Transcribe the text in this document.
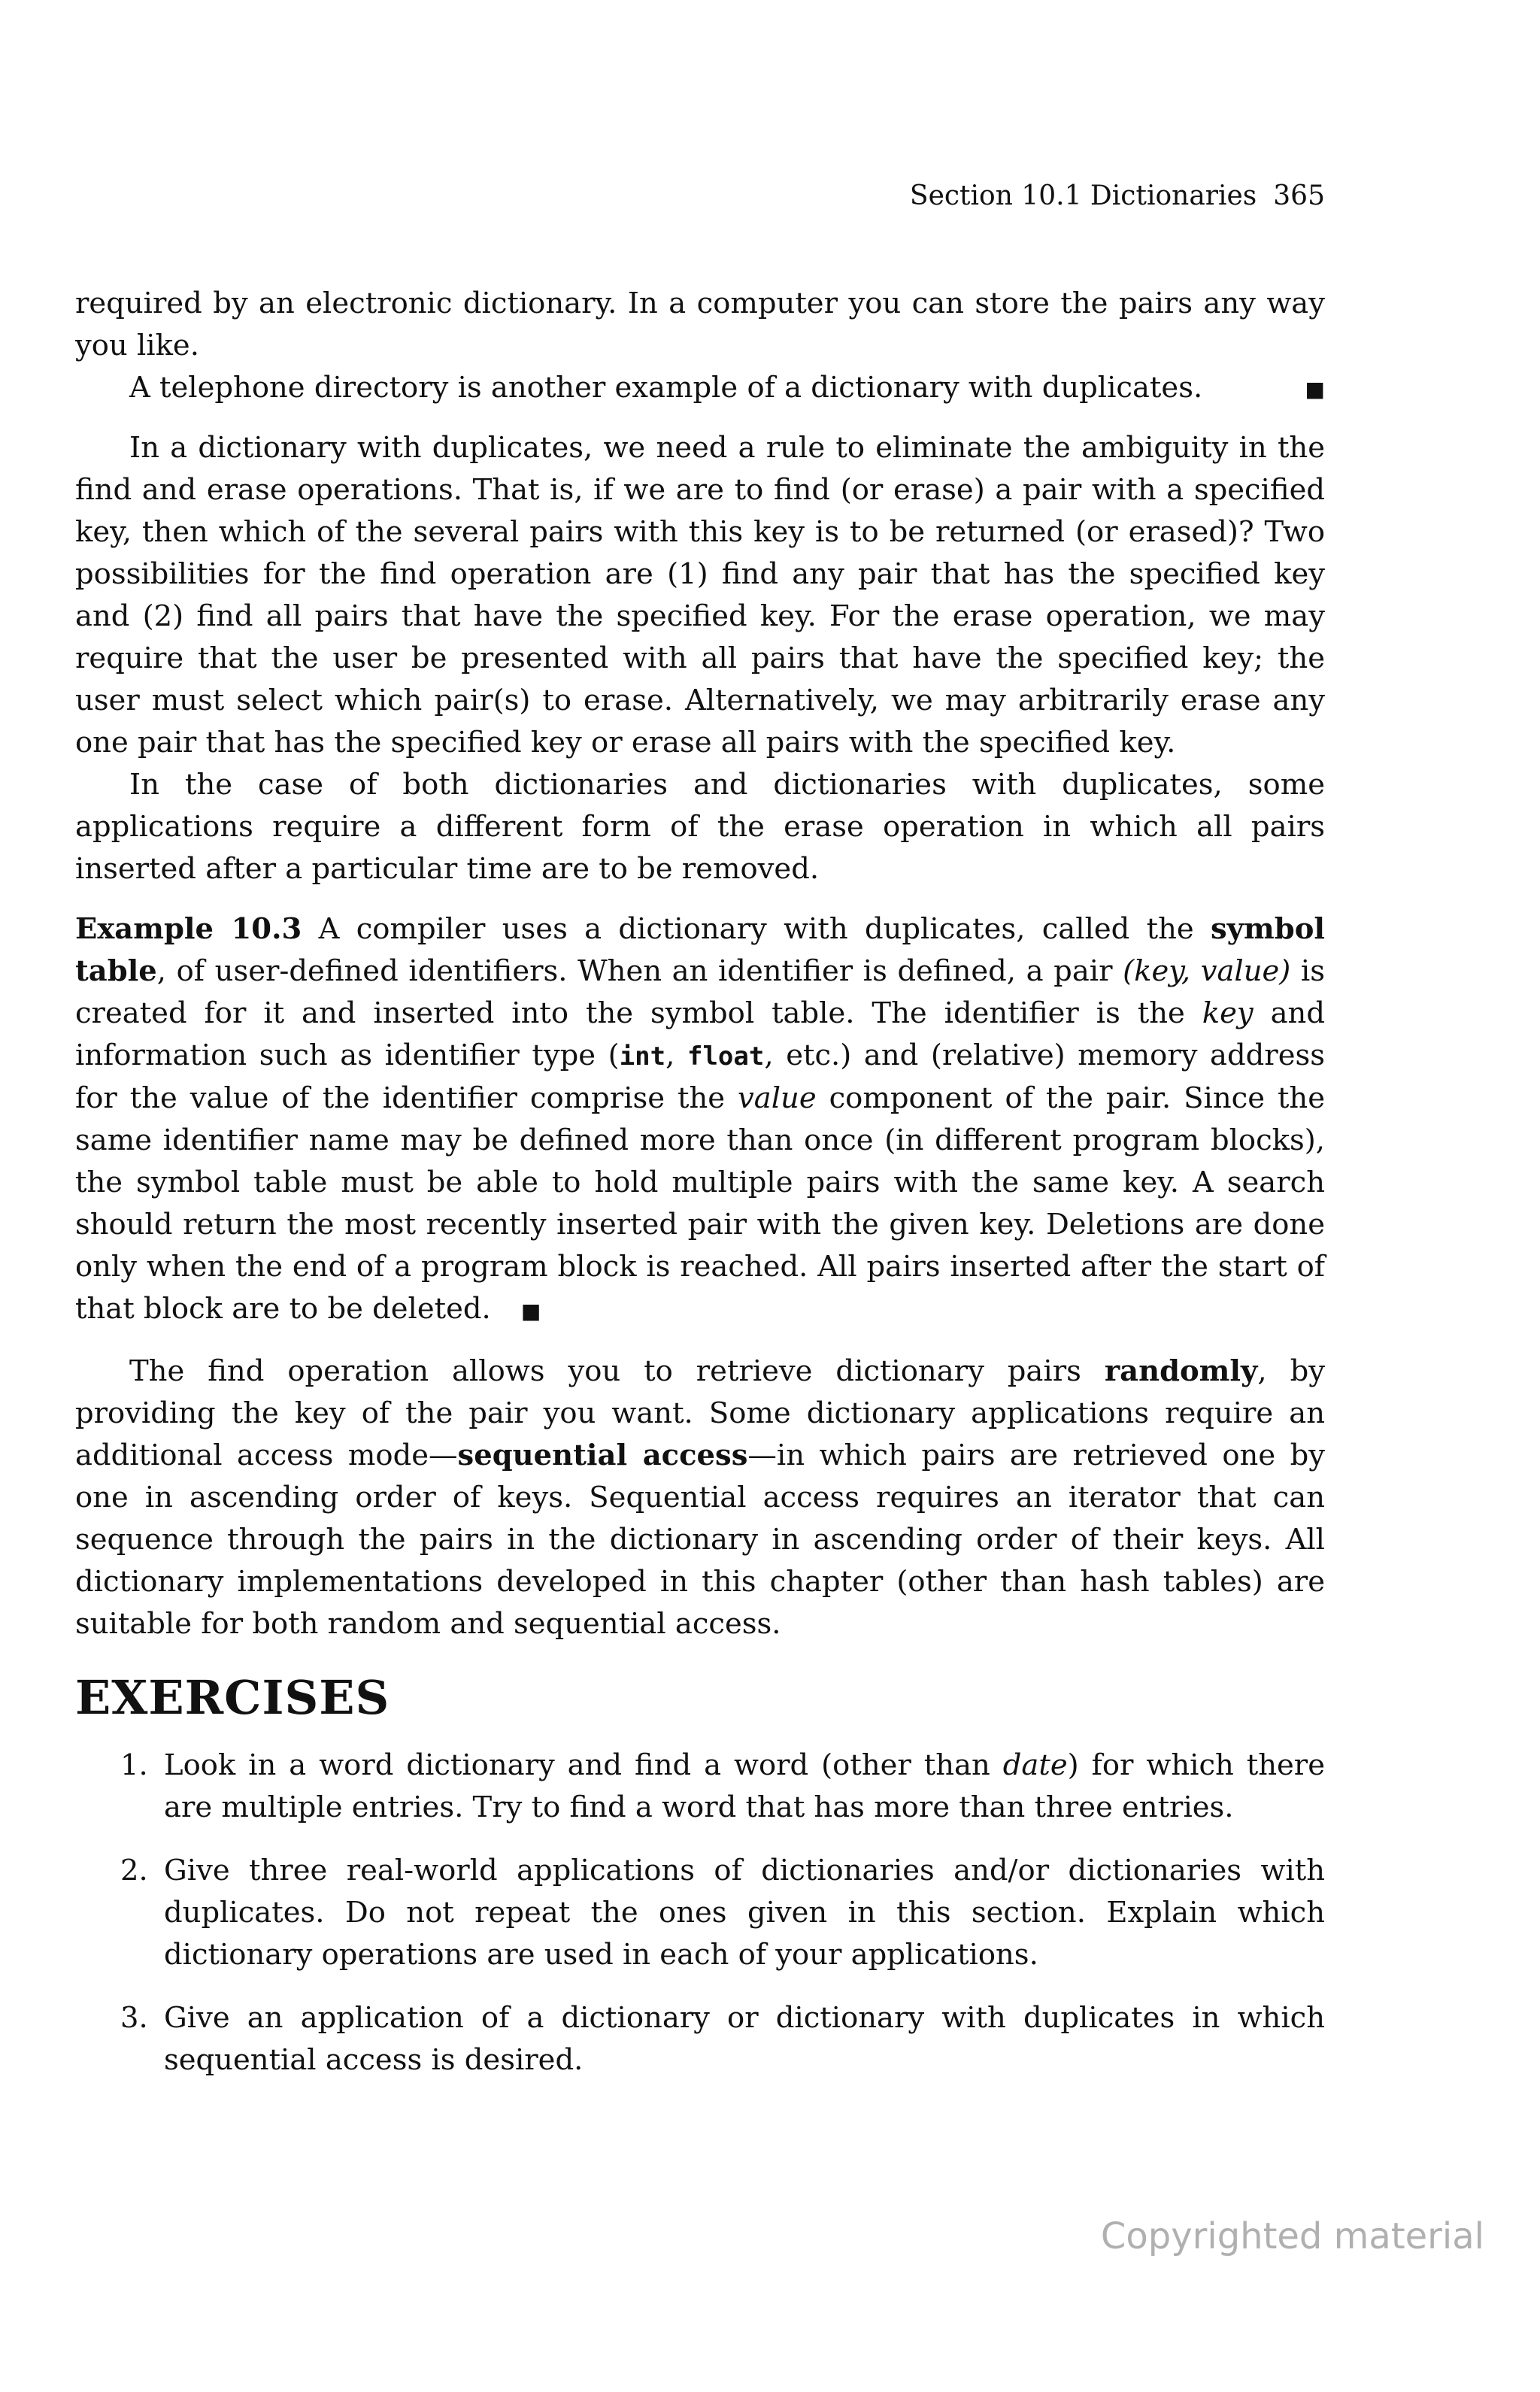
Section 10.1 Dictionaries 365

required by an electronic dictionary. In a computer you can store the pairs any way you like.

■
A telephone directory is another example of a dictionary with duplicates.

In a dictionary with duplicates, we need a rule to eliminate the ambiguity in the find and erase operations. That is, if we are to find (or erase) a pair with a specified key, then which of the several pairs with this key is to be returned (or erased)? Two possibilities for the find operation are (1) find any pair that has the specified key and (2) find all pairs that have the specified key. For the erase operation, we may require that the user be presented with all pairs that have the specified key; the user must select which pair(s) to erase. Alternatively, we may arbitrarily erase any one pair that has the specified key or erase all pairs with the specified key.

In the case of both dictionaries and dictionaries with duplicates, some applications require a different form of the erase operation in which all pairs inserted after a particular time are to be removed.

Example 10.3 A compiler uses a dictionary with duplicates, called the symbol table, of user-defined identifiers. When an identifier is defined, a pair (key, value) is created for it and inserted into the symbol table. The identifier is the key and information such as identifier type (int, float, etc.) and (relative) memory address for the value of the identifier comprise the value component of the pair. Since the same identifier name may be defined more than once (in different program blocks), the symbol table must be able to hold multiple pairs with the same key. A search should return the most recently inserted pair with the given key. Deletions are done only when the end of a program block is reached. All pairs inserted after the start of that block are to be deleted. ■

The find operation allows you to retrieve dictionary pairs randomly, by providing the key of the pair you want. Some dictionary applications require an additional access mode—sequential access—in which pairs are retrieved one by one in ascending order of keys. Sequential access requires an iterator that can sequence through the pairs in the dictionary in ascending order of their keys. All dictionary implementations developed in this chapter (other than hash tables) are suitable for both random and sequential access.

EXERCISES
1. Look in a word dictionary and find a word (other than date) for which there are multiple entries. Try to find a word that has more than three entries.
2. Give three real-world applications of dictionaries and/or dictionaries with duplicates. Do not repeat the ones given in this section. Explain which dictionary operations are used in each of your applications.
3. Give an application of a dictionary or dictionary with duplicates in which sequential access is desired.
Copyrighted material
